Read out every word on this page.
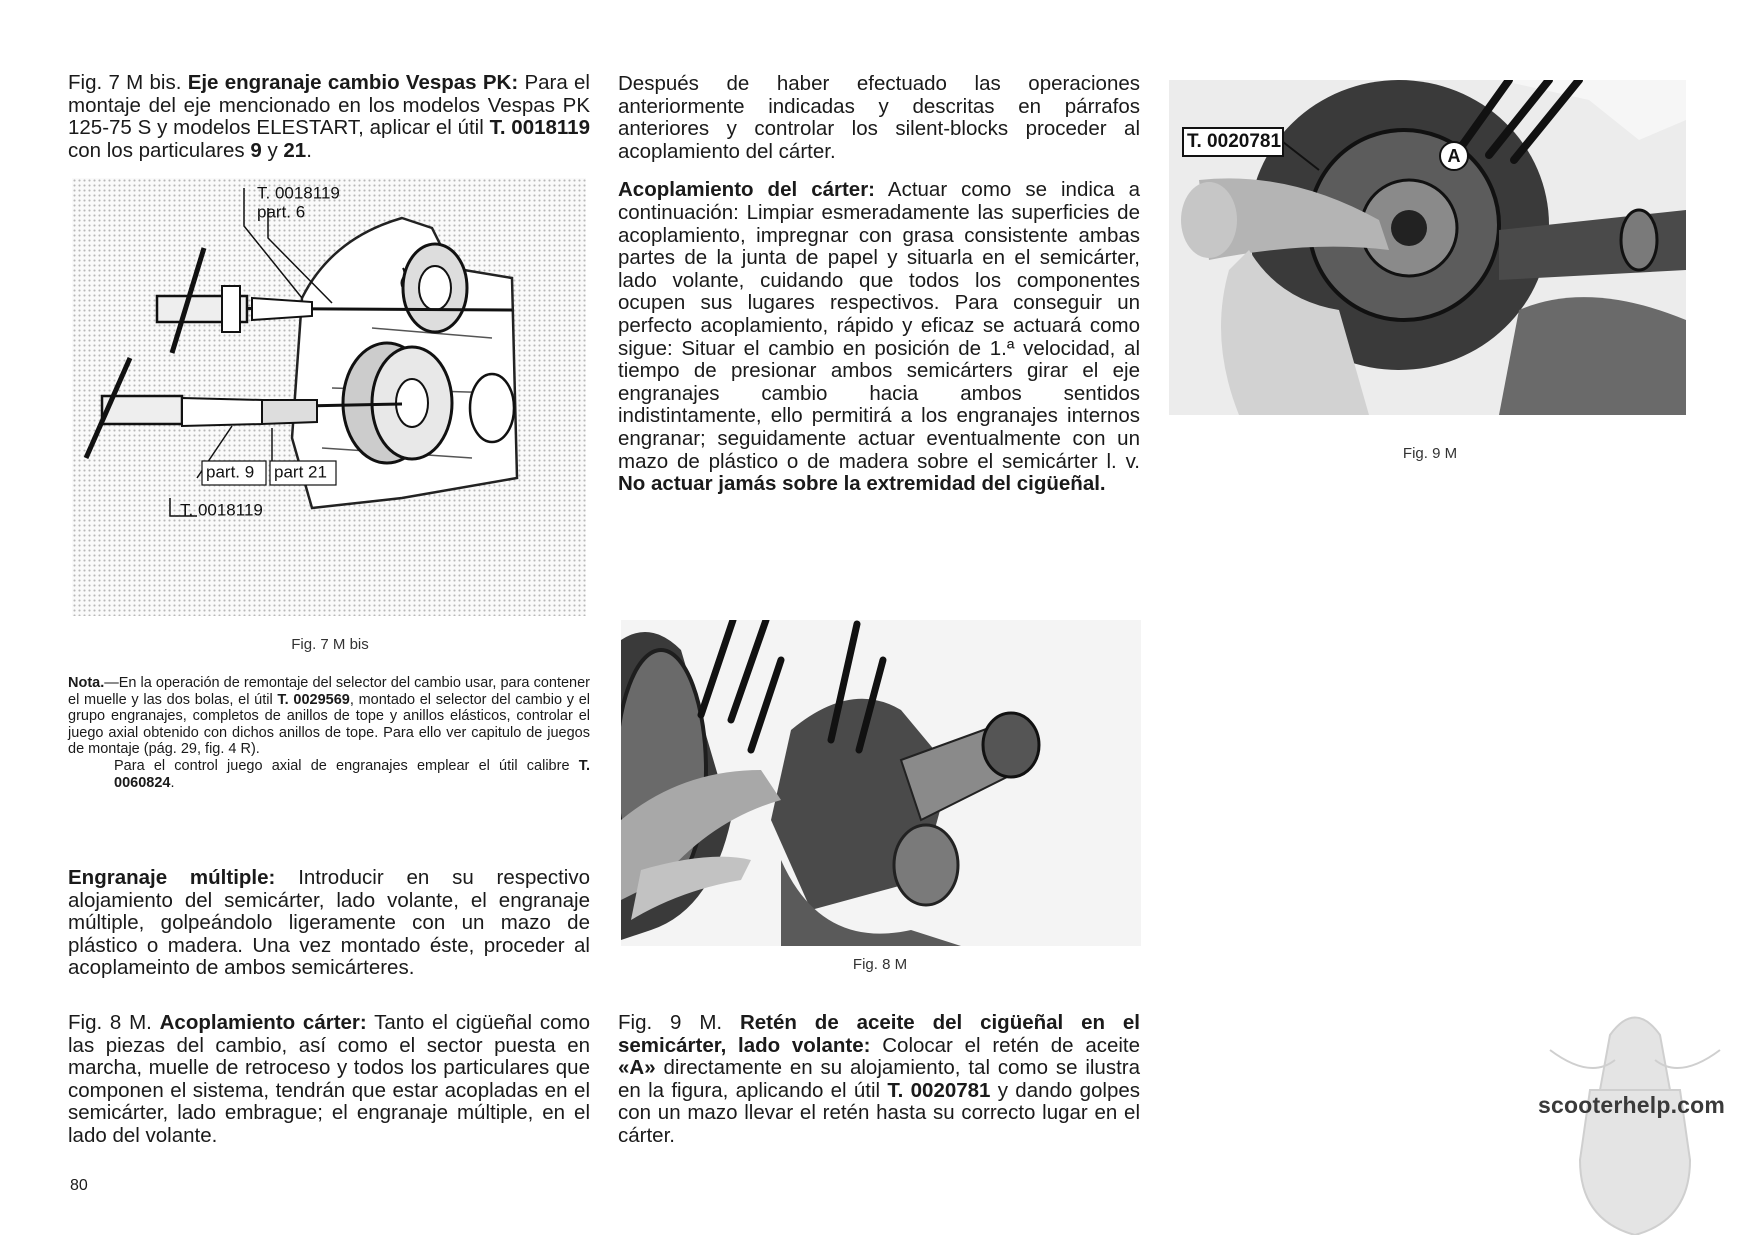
Fig. 7 M bis. Eje engranaje cambio Vespas PK: Para el montaje del eje mencionado en los modelos Vespas PK 125-75 S y modelos ELESTART, aplicar el útil T. 0018119 con los particulares 9 y 21.

T. 0018119
part. 6
part. 9 part 21
T. 0018119
Fig. 7 M bis
Nota.—En la operación de remontaje del selector del cambio usar, para contener el muelle y las dos bolas, el útil T. 0029569, montado el selector del cambio y el grupo engranajes, completos de anillos de tope y anillos elásticos, controlar el juego axial obtenido con dichos anillos de tope. Para ello ver capitulo de juegos de montaje (pág. 29, fig. 4 R).
Para el control juego axial de engranajes emplear el útil calibre T. 0060824.

Engranaje múltiple: Introducir en su respectivo alojamiento del semicárter, lado volante, el engranaje múltiple, golpeándolo ligeramente con un mazo de plástico o madera. Una vez montado éste, proceder al acoplameinto de ambos semicárteres.

Fig. 8 M. Acoplamiento cárter: Tanto el cigüeñal como las piezas del cambio, así como el sector puesta en marcha, muelle de retroceso y todos los particulares que componen el sistema, tendrán que estar acopladas en el semicárter, lado embrague; el engranaje múltiple, en el lado del volante.

Después de haber efectuado las operaciones anteriormente indicadas y descritas en párrafos anteriores y controlar los silent-blocks proceder al acoplamiento del cárter.

Acoplamiento del cárter: Actuar como se indica a continuación: Limpiar esmeradamente las superficies de acoplamiento, impregnar con grasa consistente ambas partes de la junta de papel y situarla en el semicárter, lado volante, cuidando que todos los componentes ocupen sus lugares respectivos. Para conseguir un perfecto acoplamiento, rápido y eficaz se actuará como sigue: Situar el cambio en posición de 1.ª velocidad, al tiempo de presionar ambos semicárters girar el eje engranajes cambio hacia ambos sentidos indistintamente, ello permitirá a los engranajes internos engranar; seguidamente actuar eventualmente con un mazo de plástico o de madera sobre el semicárter l. v. No actuar jamás sobre la extremidad del cigüeñal.

Fig. 8 M

Fig. 9 M. Retén de aceite del cigüeñal en el semicárter, lado volante: Colocar el retén de aceite «A» directamente en su alojamiento, tal como se ilustra en la figura, aplicando el útil T. 0020781 y dando golpes con un mazo llevar el retén hasta su correcto lugar en el cárter.

T. 0020781
A
Fig. 9 M
80
scooterhelp.com
